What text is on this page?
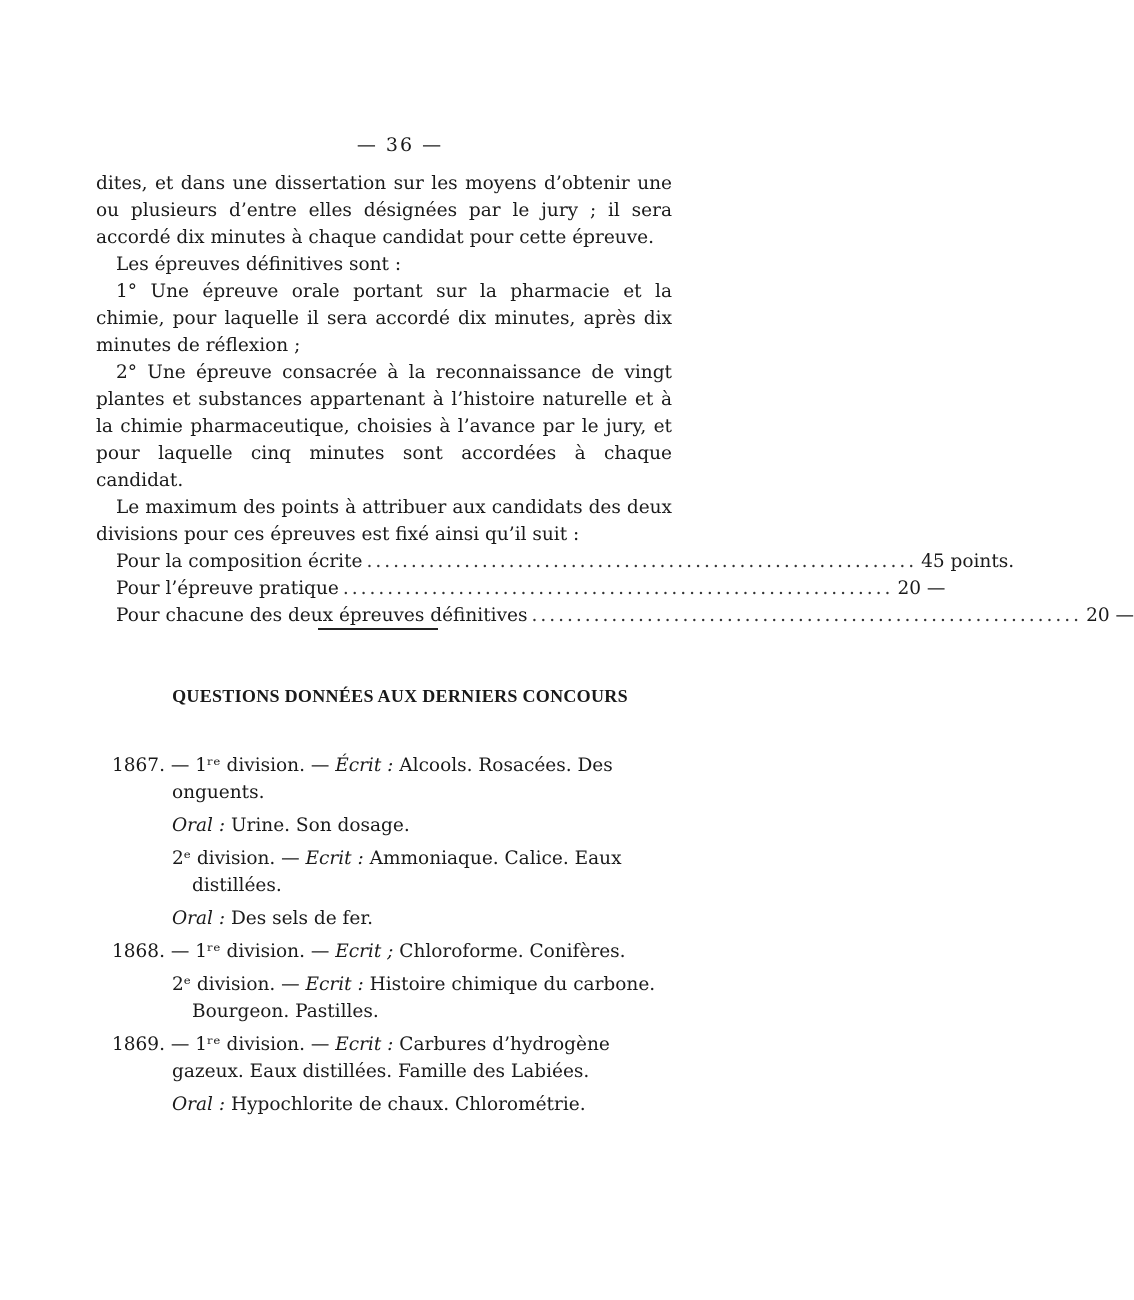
— 36 —

dites, et dans une dissertation sur les moyens d’obtenir une ou plusieurs d’entre elles désignées par le jury ; il sera accordé dix minutes à chaque candidat pour cette épreuve.

Les épreuves définitives sont :

1° Une épreuve orale portant sur la pharmacie et la chimie, pour laquelle il sera accordé dix minutes, après dix minutes de réflexion ;

2° Une épreuve consacrée à la reconnaissance de vingt plantes et substances appartenant à l’histoire naturelle et à la chimie pharmaceutique, choisies à l’avance par le jury, et pour laquelle cinq minutes sont accordées à chaque candidat.

Le maximum des points à attribuer aux candidats des deux divisions pour ces épreuves est fixé ainsi qu’il suit :

Pour la composition écrite .............................................................. 45 points.
Pour l’épreuve pratique .............................................................. 20 —
Pour chacune des deux épreuves définitives .............................................................. 20 —
QUESTIONS DONNÉES AUX DERNIERS CONCOURS
1867. — 1ʳᵉ division. — Écrit : Alcools. Rosacées. Des onguents.
Oral : Urine. Son dosage.
2ᵉ division. — Ecrit : Ammoniaque. Calice. Eaux distillées.
Oral : Des sels de fer.
1868. — 1ʳᵉ division. — Ecrit ; Chloroforme. Conifères.
2ᵉ division. — Ecrit : Histoire chimique du carbone. Bourgeon. Pastilles.
1869. — 1ʳᵉ division. — Ecrit : Carbures d’hydrogène gazeux. Eaux distillées. Famille des Labiées.
Oral : Hypochlorite de chaux. Chlorométrie.
